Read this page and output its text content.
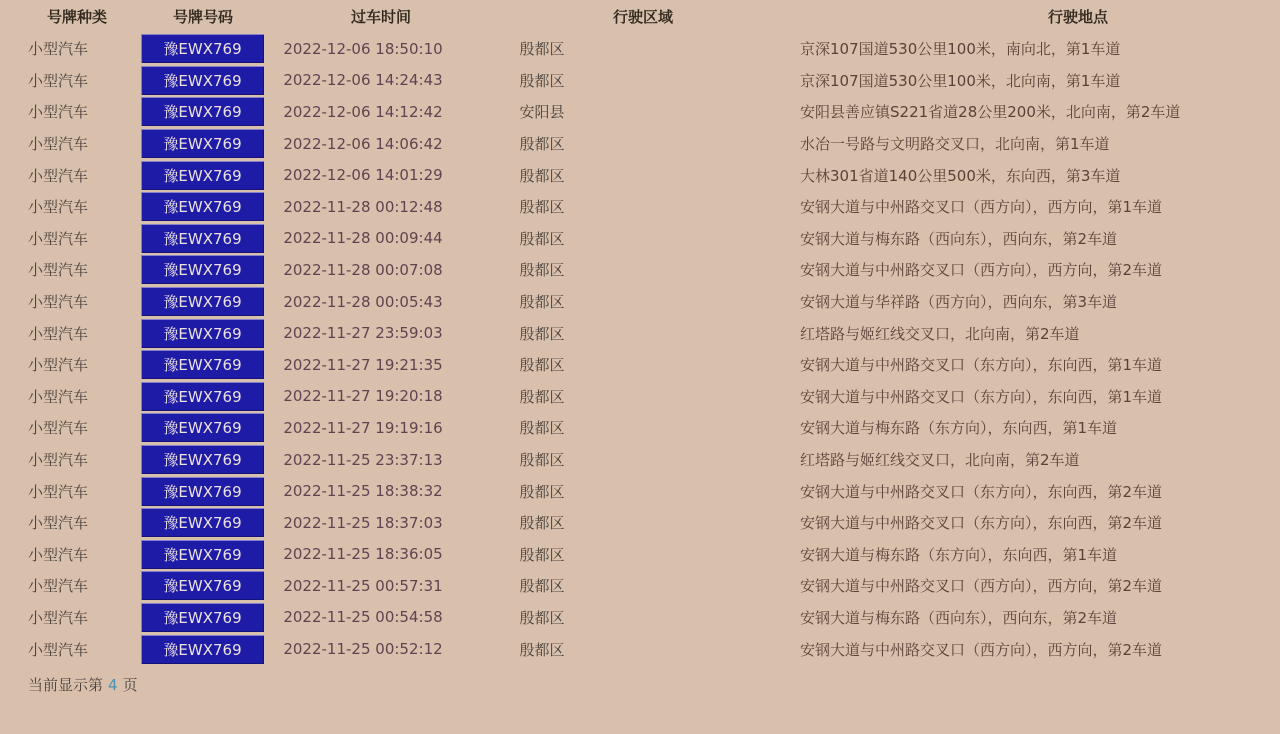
号牌种类	号牌号码	过车时间	行驶区域	行驶地点
小型汽车	豫EWX769	2022-12-06 18:50:10	殷都区	京深107国道530公里100米，南向北，第1车道
小型汽车	豫EWX769	2022-12-06 14:24:43	殷都区	京深107国道530公里100米，北向南，第1车道
小型汽车	豫EWX769	2022-12-06 14:12:42	安阳县	安阳县善应镇S221省道28公里200米，北向南，第2车道
小型汽车	豫EWX769	2022-12-06 14:06:42	殷都区	水冶一号路与文明路交叉口，北向南，第1车道
小型汽车	豫EWX769	2022-12-06 14:01:29	殷都区	大林301省道140公里500米，东向西，第3车道
小型汽车	豫EWX769	2022-11-28 00:12:48	殷都区	安钢大道与中州路交叉口（西方向），西方向，第1车道
小型汽车	豫EWX769	2022-11-28 00:09:44	殷都区	安钢大道与梅东路（西向东），西向东，第2车道
小型汽车	豫EWX769	2022-11-28 00:07:08	殷都区	安钢大道与中州路交叉口（西方向），西方向，第2车道
小型汽车	豫EWX769	2022-11-28 00:05:43	殷都区	安钢大道与华祥路（西方向），西向东，第3车道
小型汽车	豫EWX769	2022-11-27 23:59:03	殷都区	红塔路与姬红线交叉口，北向南，第2车道
小型汽车	豫EWX769	2022-11-27 19:21:35	殷都区	安钢大道与中州路交叉口（东方向），东向西，第1车道
小型汽车	豫EWX769	2022-11-27 19:20:18	殷都区	安钢大道与中州路交叉口（东方向），东向西，第1车道
小型汽车	豫EWX769	2022-11-27 19:19:16	殷都区	安钢大道与梅东路（东方向），东向西，第1车道
小型汽车	豫EWX769	2022-11-25 23:37:13	殷都区	红塔路与姬红线交叉口，北向南，第2车道
小型汽车	豫EWX769	2022-11-25 18:38:32	殷都区	安钢大道与中州路交叉口（东方向），东向西，第2车道
小型汽车	豫EWX769	2022-11-25 18:37:03	殷都区	安钢大道与中州路交叉口（东方向），东向西，第2车道
小型汽车	豫EWX769	2022-11-25 18:36:05	殷都区	安钢大道与梅东路（东方向），东向西，第1车道
小型汽车	豫EWX769	2022-11-25 00:57:31	殷都区	安钢大道与中州路交叉口（西方向），西方向，第2车道
小型汽车	豫EWX769	2022-11-25 00:54:58	殷都区	安钢大道与梅东路（西向东），西向东，第2车道
小型汽车	豫EWX769	2022-11-25 00:52:12	殷都区	安钢大道与中州路交叉口（西方向），西方向，第2车道
当前显示第 4 页
